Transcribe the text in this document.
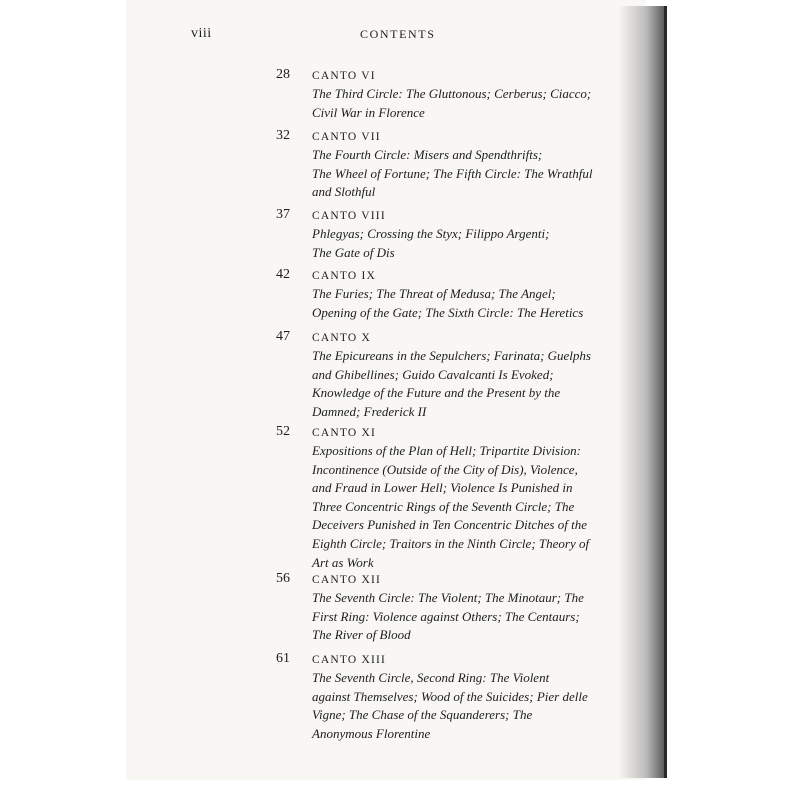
viii	CONTENTS
28 CANTO VI
The Third Circle: The Gluttonous; Cerberus; Ciacco;
Civil War in Florence
32 CANTO VII
The Fourth Circle: Misers and Spendthrifts;
The Wheel of Fortune; The Fifth Circle: The Wrathful
and Slothful
37 CANTO VIII
Phlegyas; Crossing the Styx; Filippo Argenti;
The Gate of Dis
42 CANTO IX
The Furies; The Threat of Medusa; The Angel;
Opening of the Gate; The Sixth Circle: The Heretics
47 CANTO X
The Epicureans in the Sepulchers; Farinata; Guelphs
and Ghibellines; Guido Cavalcanti Is Evoked;
Knowledge of the Future and the Present by the
Damned; Frederick II
52 CANTO XI
Expositions of the Plan of Hell; Tripartite Division:
Incontinence (Outside of the City of Dis), Violence,
and Fraud in Lower Hell; Violence Is Punished in
Three Concentric Rings of the Seventh Circle; The
Deceivers Punished in Ten Concentric Ditches of the
Eighth Circle; Traitors in the Ninth Circle; Theory of
Art as Work
56 CANTO XII
The Seventh Circle: The Violent; The Minotaur; The
First Ring: Violence against Others; The Centaurs;
The River of Blood
61 CANTO XIII
The Seventh Circle, Second Ring: The Violent
against Themselves; Wood of the Suicides; Pier delle
Vigne; The Chase of the Squanderers; The
Anonymous Florentine
